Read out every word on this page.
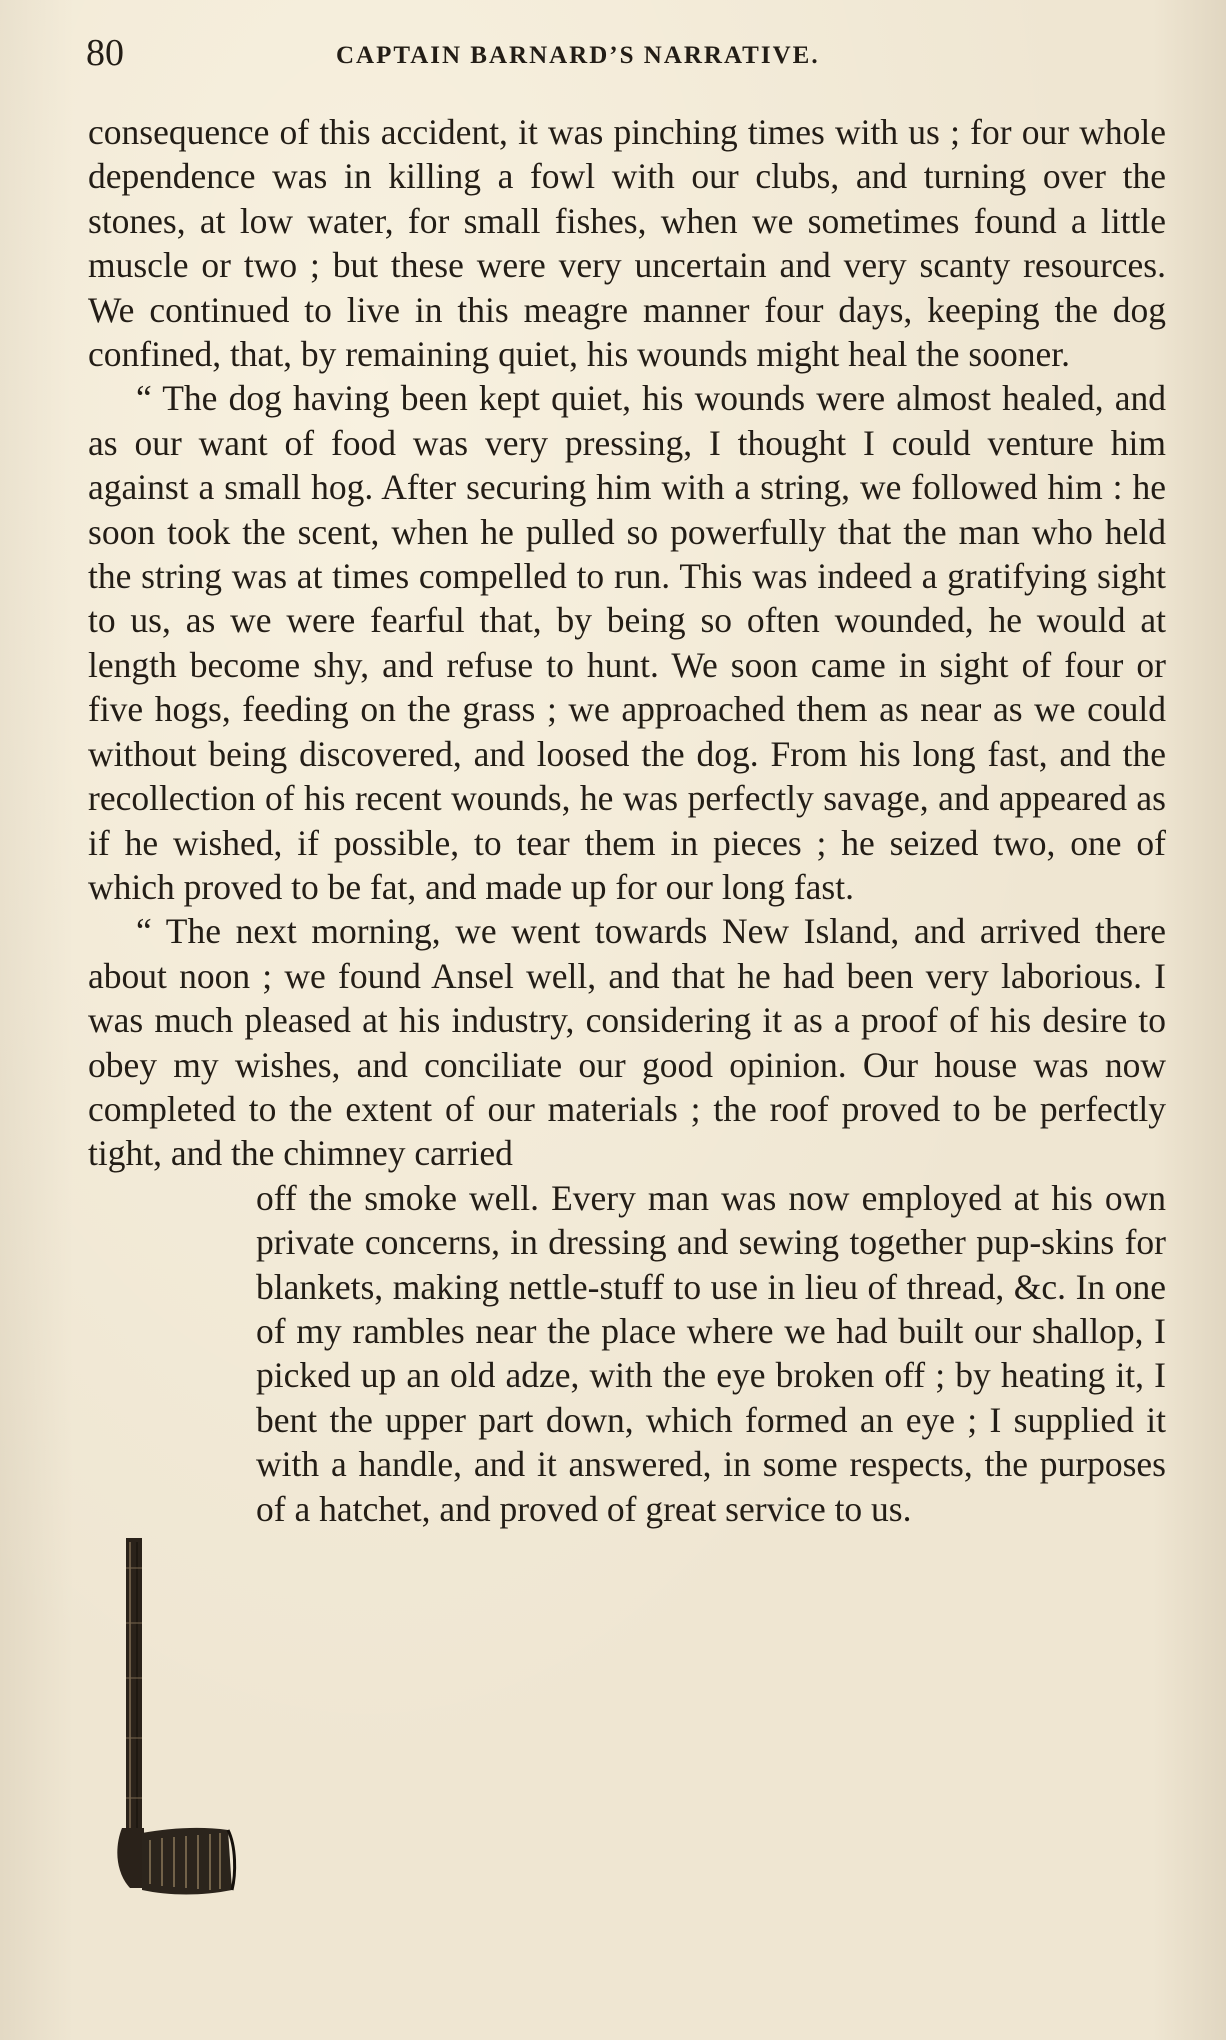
80	CAPTAIN BARNARD’S NARRATIVE.

consequence of this accident, it was pinching times with us ; for our whole dependence was in killing a fowl with our clubs, and turning over the stones, at low water, for small fishes, when we sometimes found a little muscle or two ; but these were very uncertain and very scanty resources. We continued to live in this meagre manner four days, keeping the dog confined, that, by remaining quiet, his wounds might heal the sooner.

“ The dog having been kept quiet, his wounds were almost healed, and as our want of food was very pressing, I thought I could venture him against a small hog. After securing him with a string, we followed him : he soon took the scent, when he pulled so powerfully that the man who held the string was at times compelled to run. This was indeed a gratifying sight to us, as we were fearful that, by being so often wounded, he would at length become shy, and refuse to hunt. We soon came in sight of four or five hogs, feeding on the grass ; we approached them as near as we could without being discovered, and loosed the dog. From his long fast, and the recollection of his recent wounds, he was perfectly savage, and appeared as if he wished, if possible, to tear them in pieces ; he seized two, one of which proved to be fat, and made up for our long fast.

“ The next morning, we went towards New Island, and arrived there about noon ; we found Ansel well, and that he had been very laborious. I was much pleased at his industry, considering it as a proof of his desire to obey my wishes, and conciliate our good opinion. Our house was now completed to the extent of our materials ; the roof proved to be perfectly tight, and the chimney carried

off the smoke well. Every man was now employed at his own private concerns, in dressing and sewing together pup-skins for blankets, making nettle-stuff to use in lieu of thread, &c. In one of my rambles near the place where we had built our shallop, I picked up an old adze, with the eye broken off ; by heating it, I bent the upper part down, which formed an eye ; I supplied it with a handle, and it answered, in some respects, the purposes of a hatchet, and proved of great service to us.
